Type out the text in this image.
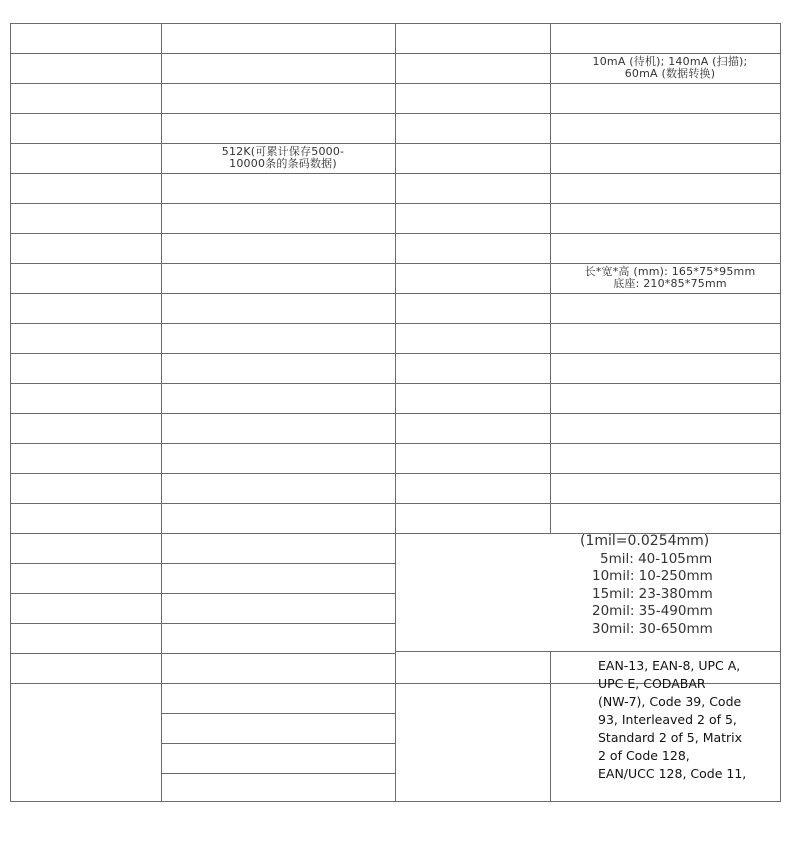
512K(可累计保存5000-
10000条的条码数据)
10mA (待机); 140mA (扫描);
60mA (数据转换)
长*宽*高 (mm): 165*75*95mm
底座: 210*85*75mm
(1mil=0.0254mm)
5mil: 40-105mm
10mil: 10-250mm
15mil: 23-380mm
20mil: 35-490mm
30mil: 30-650mm
EAN-13, EAN-8, UPC A,
UPC E, CODABAR
(NW-7), Code 39, Code
93, Interleaved 2 of 5,
Standard 2 of 5, Matrix
2 of Code 128,
EAN/UCC 128, Code 11,
